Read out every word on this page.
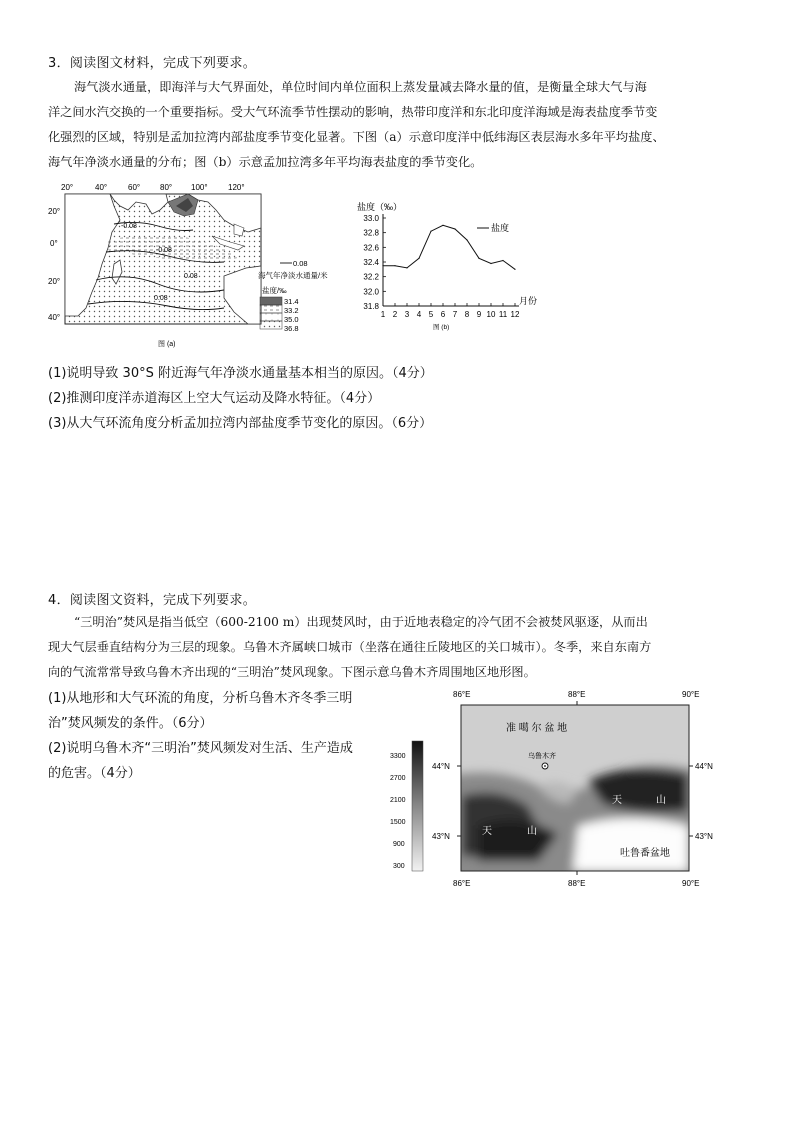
3．阅读图文材料，完成下列要求。
海气淡水通量，即海洋与大气界面处，单位时间内单位面积上蒸发量减去降水量的值，是衡量全球大气与海
洋之间水汽交换的一个重要指标。受大气环流季节性摆动的影响，热带印度洋和东北印度洋海域是海表盐度季节变
化强烈的区域，特别是孟加拉湾内部盐度季节变化显著。下图（a）示意印度洋中低纬海区表层海水多年平均盐度、
海气年净淡水通量的分布；图（b）示意孟加拉湾多年平均海表盐度的季节变化。
-0.08
-0.08
0.08
0.08
20°	40°	60° 80° 100°	120°
20°
0°
20°
40°
0.08
海气年净淡水通量/米
盐度/‰
31.4
33.2
35.0
36.8
图 (a)
盐度（‰）
33.0
32.8
32.6
32.4
32.2
32.0
31.8
1 2 3 4 5 6 7 8 9 10 11 12
盐度
月份
图 (b)
(1)说明导致 30°S 附近海气年净淡水通量基本相当的原因。（4分）
(2)推测印度洋赤道海区上空大气运动及降水特征。（4分）
(3)从大气环流角度分析孟加拉湾内部盐度季节变化的原因。（6分）
4．阅读图文资料，完成下列要求。
“三明治”焚风是指当低空（600-2100 m）出现焚风时，由于近地表稳定的冷气团不会被焚风驱逐，从而出
现大气层垂直结构分为三层的现象。乌鲁木齐属峡口城市（坐落在通往丘陵地区的关口城市）。冬季，来自东南方
向的气流常常导致乌鲁木齐出现的“三明治”焚风现象。下图示意乌鲁木齐周围地区地形图。
(1)从地形和大气环流的角度，分析乌鲁木齐冬季三明
治”焚风频发的条件。（6分）
(2)说明乌鲁木齐“三明治”焚风频发对生活、生产造成
的危害。（4分）
86°E	88°E	90°E
86°E	88°E	90°E
44°N
43°N
44°N
43°N
准 噶 尔 盆 地
乌鲁木齐
天	山
天	山
吐鲁番盆地
3300
2700
2100
1500
900
300
